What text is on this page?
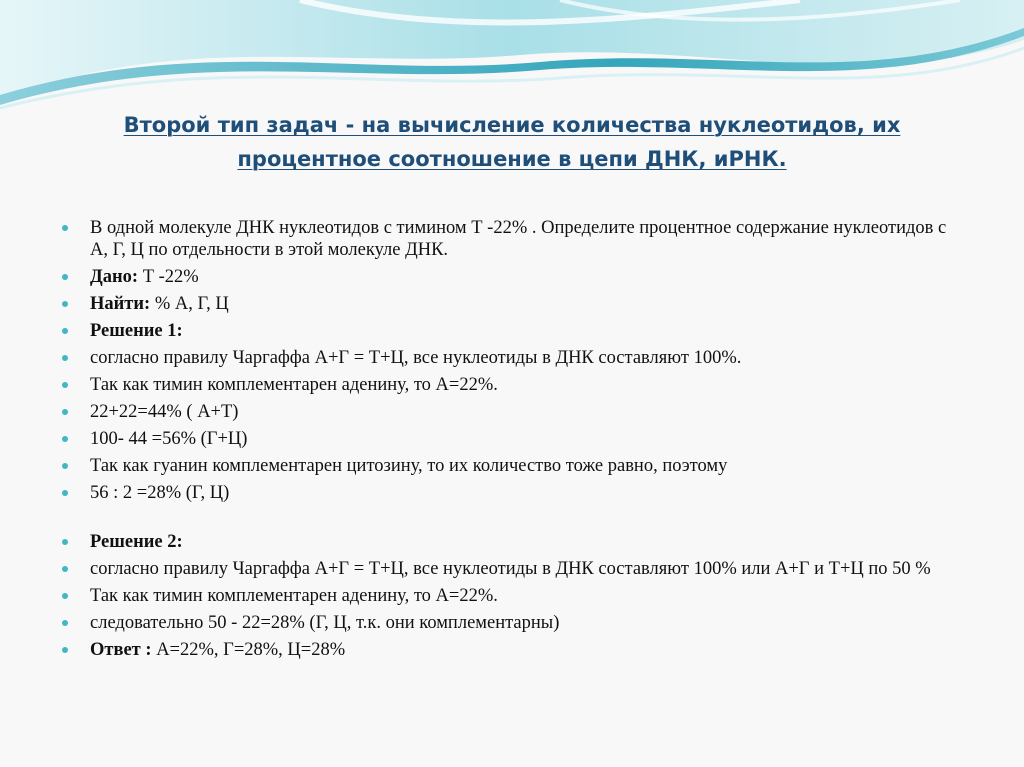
Второй тип задач - на вычисление количества нуклеотидов, их
процентное соотношение в цепи ДНК, иРНК.
В одной молекуле ДНК нуклеотидов с тимином Т -22% . Определите процентное содержание нуклеотидов с А, Г, Ц по отдельности в этой молекуле ДНК.
Дано: Т -22%
Найти: % А, Г, Ц
Решение 1:
согласно правилу Чаргаффа А+Г = Т+Ц, все нуклеотиды в ДНК составляют 100%.
Так как тимин комплементарен аденину, то А=22%.
22+22=44% ( А+Т)
100- 44 =56% (Г+Ц)
Так как гуанин комплементарен цитозину, то их количество тоже равно, поэтому
56 : 2 =28% (Г, Ц)
Решение 2:
согласно правилу Чаргаффа А+Г = Т+Ц, все нуклеотиды в ДНК составляют 100% или А+Г и Т+Ц по 50 %
Так как тимин комплементарен аденину, то А=22%.
следовательно 50 - 22=28% (Г, Ц, т.к. они комплементарны)
Ответ : А=22%, Г=28%, Ц=28%
